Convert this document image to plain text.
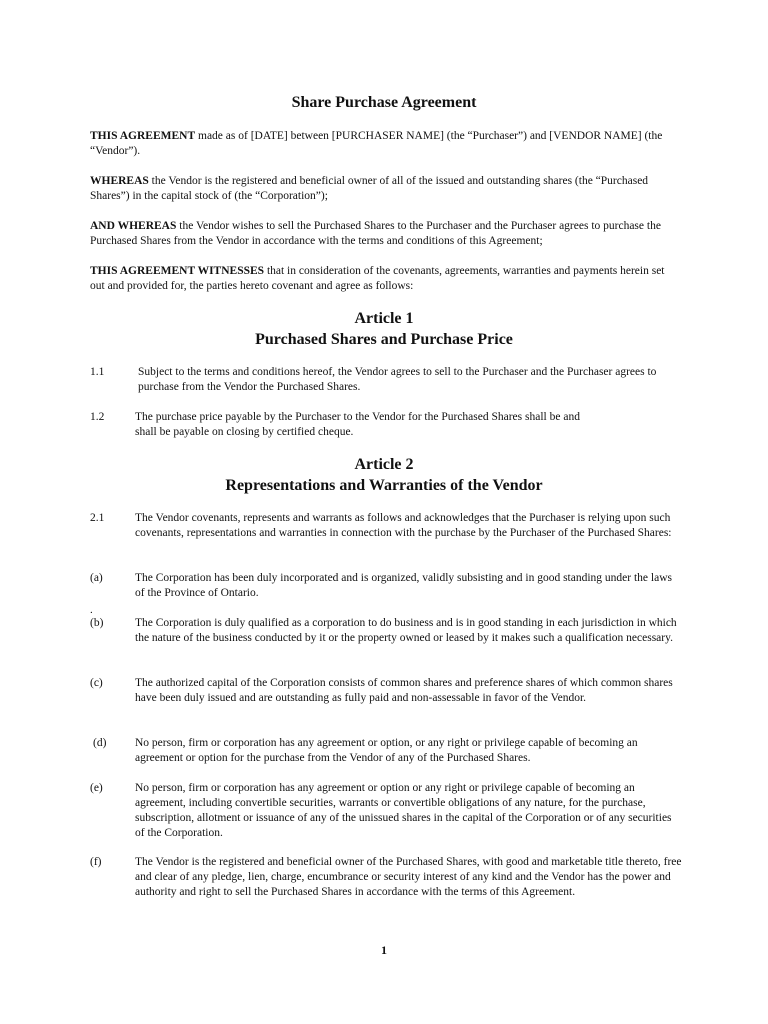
Share Purchase Agreement
THIS AGREEMENT made as of [DATE] between [PURCHASER NAME] (the “Purchaser”) and [VENDOR NAME] (the “Vendor”).
WHEREAS the Vendor is the registered and beneficial owner of all of the issued and outstanding shares (the “Purchased Shares”) in the capital stock of (the “Corporation”);
AND WHEREAS the Vendor wishes to sell the Purchased Shares to the Purchaser and the Purchaser agrees to purchase the Purchased Shares from the Vendor in accordance with the terms and conditions of this Agreement;
THIS AGREEMENT WITNESSES that in consideration of the covenants, agreements, warranties and payments herein set out and provided for, the parties hereto covenant and agree as follows:
Article 1
Purchased Shares and Purchase Price
1.1	Subject to the terms and conditions hereof, the Vendor agrees to sell to the Purchaser and the Purchaser agrees to purchase from the Vendor the Purchased Shares.
1.2	The purchase price payable by the Purchaser to the Vendor for the Purchased Shares shall be and shall be payable on closing by certified cheque.
Article 2
Representations and Warranties of the Vendor
2.1	The Vendor covenants, represents and warrants as follows and acknowledges that the Purchaser is relying upon such covenants, representations and warranties in connection with the purchase by the Purchaser of the Purchased Shares:
(a)	The Corporation has been duly incorporated and is organized, validly subsisting and in good standing under the laws of the Province of Ontario.
.
(b)	The Corporation is duly qualified as a corporation to do business and is in good standing in each jurisdiction in which the nature of the business conducted by it or the property owned or leased by it makes such a qualification necessary.
(c)	The authorized capital of the Corporation consists of common shares and preference shares of which common shares have been duly issued and are outstanding as fully paid and non-assessable in favor of the Vendor.
(d)	No person, firm or corporation has any agreement or option, or any right or privilege capable of becoming an agreement or option for the purchase from the Vendor of any of the Purchased Shares.
(e)	No person, firm or corporation has any agreement or option or any right or privilege capable of becoming an agreement, including convertible securities, warrants or convertible obligations of any nature, for the purchase, subscription, allotment or issuance of any of the unissued shares in the capital of the Corporation or of any securities of the Corporation.
(f)	The Vendor is the registered and beneficial owner of the Purchased Shares, with good and marketable title thereto, free and clear of any pledge, lien, charge, encumbrance or security interest of any kind and the Vendor has the power and authority and right to sell the Purchased Shares in accordance with the terms of this Agreement.
1
